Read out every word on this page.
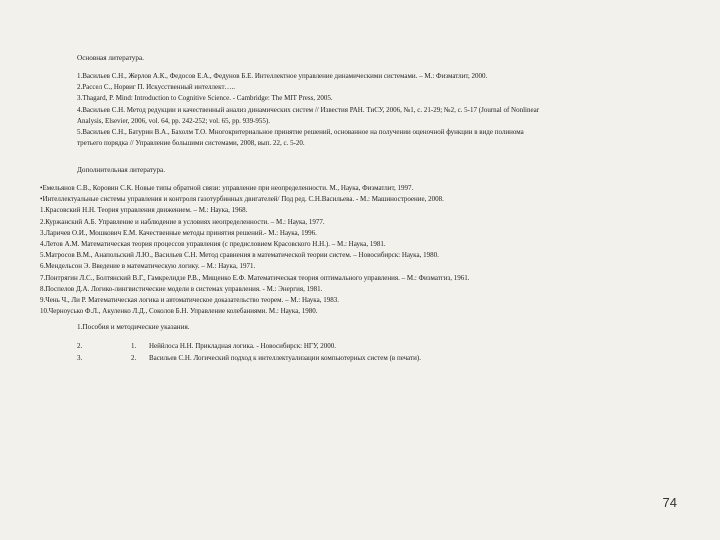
Основная литература.
1.Васильев С.Н., Жерлов А.К., Федосов Е.А., Федунов Б.Е. Интеллектное управление динамическими системами. – М.: Физматлит, 2000.
2.Рассел С., Норвиг П. Искусственный интеллект…..
3.Thagard, P. Mind: Introduction to Cognitive Science. - Cambridge: The MIT Press, 2005.
4.Васильев С.Н. Метод редукции и качественный анализ динамических систем // Известия РАН. ТиСУ, 2006, №1, с. 21-29; №2, с. 5-17 (Journal of Nonlinear
Analysis, Elsevier, 2006, vol. 64, pp. 242-252; vol. 65, pp. 939-955).
5.Васильев С.Н., Батурин В.А., Бахолм Т.О. Многокритериальное принятие решений, основанное на получении оценочной функции в виде полинома
третьего порядка // Управление большими системами, 2008, вып. 22, с. 5-20.
Дополнительная литература.
•Емельянов С.В., Коровин С.К. Новые типы обратной связи: управление при неопределенности. М., Наука, Физматлит, 1997.
•Интеллектуальные системы управления и контроля газотурбинных двигателей/ Под ред. С.Н.Васильева. - М.: Машиностроение, 2008.
1.Красовский Н.Н. Теория управления движением. – М.: Наука, 1968.
2.Куржанский А.Б. Управление и наблюдение в условиях неопределенности. – М.: Наука, 1977.
3.Ларичев О.И., Мошкович Е.М. Качественные методы принятия решений.- М.: Наука, 1996.
4.Летов А.М. Математическая теория процессов управления (с предисловием Красовского Н.Н.). – М.: Наука, 1981.
5.Матросов В.М., Анапольский Л.Ю., Васильев С.Н. Метод сравнения в математической теории систем. – Новосибирск: Наука, 1980.
6.Мендельсон Э. Введение в математическую логику. – М.: Наука, 1971.
7.Понтрягин Л.С., Болтянский В.Г., Гамкрелидзе Р.В., Мищенко Е.Ф. Математическая теория оптимального управления. – М.: Физматгиз, 1961.
8.Поспелов Д.А. Логико-лингвистические модели в системах управления. - М.: Энергия, 1981.
9.Чень Ч., Ли Р. Математическая логика и автоматическое доказательство теорем. – М.: Наука, 1983.
10.Черноусько Ф.Л., Акуленко Л.Д., Соколов Б.Н. Управление колебаниями. М.: Наука, 1980.
1.Пособия и методические указания.
2.	1.	Неййлоса Н.Н. Прикладная логика. - Новосибирск: НГУ, 2000.
3.	2.	Васильев С.Н. Логический подход к интеллектуализации компьютерных систем (в печати).
74
